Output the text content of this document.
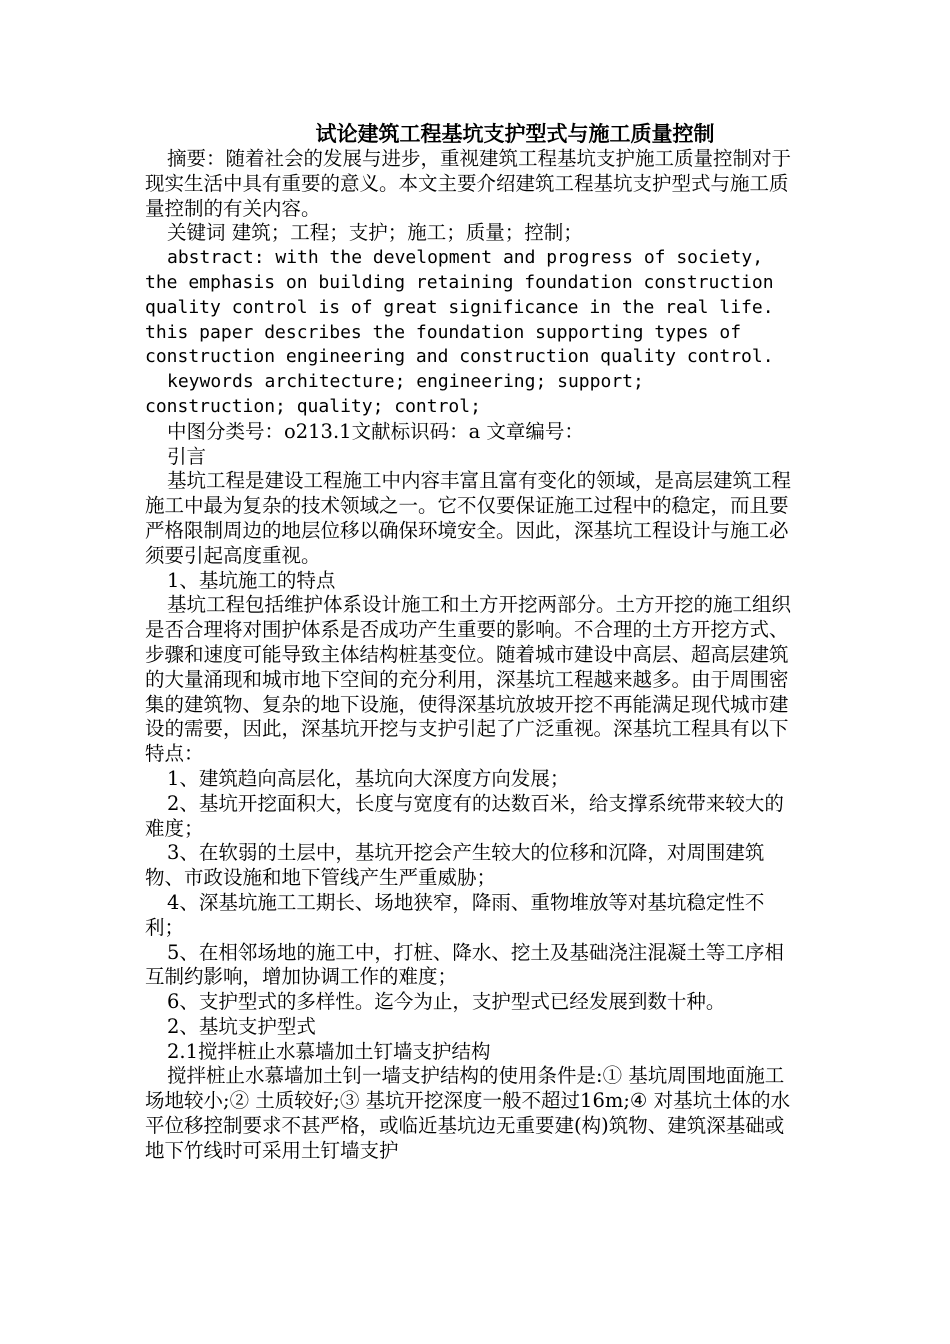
试论建筑工程基坑支护型式与施工质量控制

摘要：随着社会的发展与进步，重视建筑工程基坑支护施工质量控制对于现实生活中具有重要的意义。本文主要介绍建筑工程基坑支护型式与施工质量控制的有关内容。

关键词 建筑；工程；支护；施工；质量；控制；

abstract: with the development and progress of society, the emphasis on building retaining foundation construction quality control is of great significance in the real life. this paper describes the foundation supporting types of construction engineering and construction quality control.

keywords architecture; engineering; support; construction; quality; control;

中图分类号：o213.1文献标识码：a 文章编号：

引言

基坑工程是建设工程施工中内容丰富且富有变化的领域，是高层建筑工程施工中最为复杂的技术领域之一。它不仅要保证施工过程中的稳定，而且要严格限制周边的地层位移以确保环境安全。因此，深基坑工程设计与施工必须要引起高度重视。

1、基坑施工的特点

基坑工程包括维护体系设计施工和土方开挖两部分。土方开挖的施工组织是否合理将对围护体系是否成功产生重要的影响。不合理的土方开挖方式、步骤和速度可能导致主体结构桩基变位。随着城市建设中高层、超高层建筑的大量涌现和城市地下空间的充分利用，深基坑工程越来越多。由于周围密集的建筑物、复杂的地下设施，使得深基坑放坡开挖不再能满足现代城市建设的需要，因此，深基坑开挖与支护引起了广泛重视。深基坑工程具有以下特点：

1、建筑趋向高层化，基坑向大深度方向发展；

2、基坑开挖面积大，长度与宽度有的达数百米，给支撑系统带来较大的难度；

3、在软弱的土层中，基坑开挖会产生较大的位移和沉降，对周围建筑物、市政设施和地下管线产生严重威胁；

4、深基坑施工工期长、场地狭窄，降雨、重物堆放等对基坑稳定性不利；

5、在相邻场地的施工中，打桩、降水、挖土及基础浇注混凝土等工序相互制约影响，增加协调工作的难度；

6、支护型式的多样性。迄今为止，支护型式已经发展到数十种。

2、基坑支护型式

2.1搅拌桩止水慕墙加土钉墙支护结构

搅拌桩止水慕墙加土钊一墙支护结构的使用条件是:① 基坑周围地面施工场地较小;② 土质较好;③ 基坑开挖深度一般不超过16m;④ 对基坑土体的水平位移控制要求不甚严格，或临近基坑边无重要建(构)筑物、建筑深基础或地下竹线时可采用土钉墙支护
